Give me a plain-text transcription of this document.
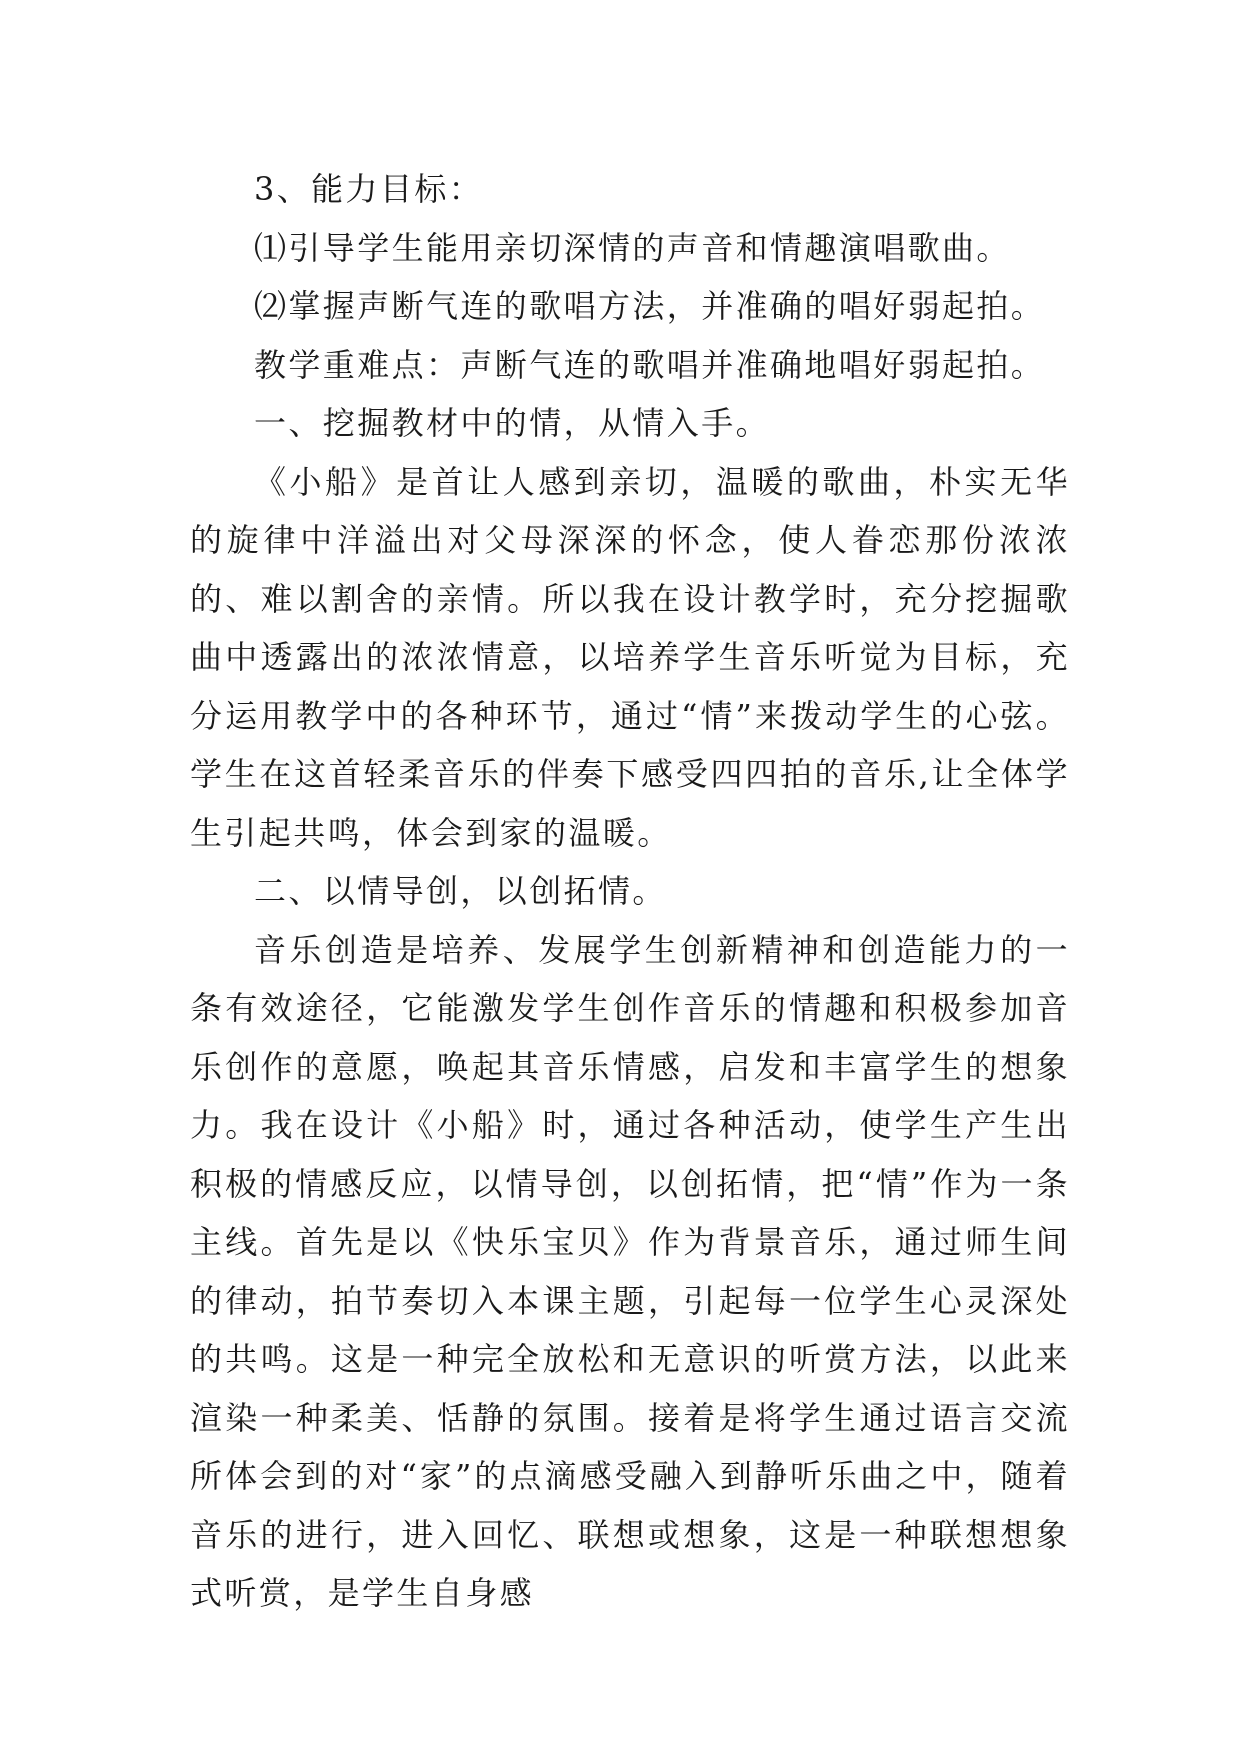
3、能力目标：

⑴引导学生能用亲切深情的声音和情趣演唱歌曲。

⑵掌握声断气连的歌唱方法，并准确的唱好弱起拍。

教学重难点：声断气连的歌唱并准确地唱好弱起拍。

一、挖掘教材中的情，从情入手。

《小船》是首让人感到亲切，温暖的歌曲，朴实无华的旋律中洋溢出对父母深深的怀念，使人眷恋那份浓浓的、难以割舍的亲情。所以我在设计教学时，充分挖掘歌曲中透露出的浓浓情意，以培养学生音乐听觉为目标，充分运用教学中的各种环节，通过“情”来拨动学生的心弦。学生在这首轻柔音乐的伴奏下感受四四拍的音乐,让全体学生引起共鸣，体会到家的温暖。

二、以情导创，以创拓情。

音乐创造是培养、发展学生创新精神和创造能力的一条有效途径，它能激发学生创作音乐的情趣和积极参加音乐创作的意愿，唤起其音乐情感，启发和丰富学生的想象力。我在设计《小船》时，通过各种活动，使学生产生出积极的情感反应，以情导创，以创拓情，把“情”作为一条主线。首先是以《快乐宝贝》作为背景音乐，通过师生间的律动，拍节奏切入本课主题，引起每一位学生心灵深处的共鸣。这是一种完全放松和无意识的听赏方法，以此来渲染一种柔美、恬静的氛围。接着是将学生通过语言交流所体会到的对“家”的点滴感受融入到静听乐曲之中，随着音乐的进行，进入回忆、联想或想象，这是一种联想想象式听赏，是学生自身感
